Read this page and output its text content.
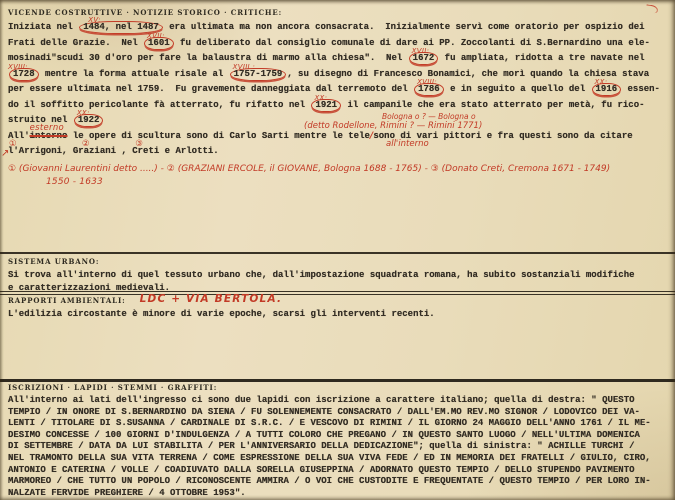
VICENDE COSTRUTTIVE · NOTIZIE STORICO · CRITICHE:
Iniziata nel 1484, nel 1487
XV:
era ultimata ma non ancora consacrata.  Inizialmente servì come oratorio per ospizio dei
Frati delle Grazie.  Nel 1601
XVII:
fu deliberato dal consiglio comunale di dare ai PP. Zoccolanti di S.Bernardino una ele-
mosinadi"scudi 30 d'oro per fare la balaustra di marmo alla chiesa".  Nel 1672
XVII:
fu ampliata, ridotta a tre navate nel
1728
XVIII:
mentre la forma attuale risale al 1757-1759
XVIII :
, su disegno di Francesco Bonamici, che morì quando la chiesa stava
per essere ultimata nel 1759.  Fu gravemente danneggiata dal terremoto del 1786
XVIII:
e in seguito a quello del 1916
XX:
essen-
do il soffitto pericolante fà atterrato, fu rifatto nel 1921
XX:
il campanile che era stato atterrato per metà, fu rico-
struito nel 1922
XX:
All'interno
esterno
le opere di scultura sono di Carlo Sarti mentre le tele∕sono di vari pittori e fra questi sono da citare
Bologna o ? — Bologna o
(detto Rodellone, Rimini ? — Rimini 1771)
all'interno
↗
l'Arrigoni,
①
Graziani
②
, Creti
③
e Arlotti.
① (Giovanni Laurentini detto .....) - ② (GRAZIANI ERCOLE, il GIOVANE, Bologna 1688 - 1765) - ③ (Donato Creti, Cremona 1671 - 1749)
1550 - 1633
SISTEMA URBANO:
Si trova all'interno di quel tessuto urbano che, dall'impostazione squadrata romana, ha subito sostanziali modifiche
e caratterizzazioni medievali.
RAPPORTI AMBIENTALI: LDC + VIA BERTOLA.
L'edilizia circostante è minore di varie epoche, scarsi gli interventi recenti.
ISCRIZIONI · LAPIDI · STEMMI · GRAFFITI:
All'interno ai lati dell'ingresso ci sono due lapidi con iscrizione a carattere italiano; quella di destra: " QUESTO
TEMPIO / IN ONORE DI S.BERNARDINO DA SIENA / FU SOLENNEMENTE CONSACRATO / DALL'EM.MO REV.MO SIGNOR / LODOVICO DEI VA-
LENTI / TITOLARE DI S.SUSANNA / CARDINALE DI S.R.C. / E VESCOVO DI RIMINI / IL GIORNO 24 MAGGIO DELL'ANNO 1761 / IL ME-
DESIMO CONCESSE / 100 GIORNI D'INDULGENZA / A TUTTI COLORO CHE PREGANO / IN QUESTO SANTO LUOGO / NELL'ULTIMA DOMENICA
DI SETTEMBRE / DATA DA LUI STABILITA / PER L'ANNIVERSARIO DELLA DEDICAZIONE"; quella di sinistra: " ACHILLE TURCHI /
NEL TRAMONTO DELLA SUA VITA TERRENA / COME ESPRESSIONE DELLA SUA VIVA FEDE / ED IN MEMORIA DEI FRATELLI / GIULIO, CIRO,
ANTONIO E CATERINA / VOLLE / COADIUVATO DALLA SORELLA GIUSEPPINA / ADORNATO QUESTO TEMPIO / DELLO STUPENDO PAVIMENTO
MARMOREO / CHE TUTTO UN POPOLO / RICONOSCENTE AMMIRA / O VOI CHE CUSTODITE E FREQUENTATE / QUESTO TEMPIO / PER LORO IN-
NALZATE FERVIDE PREGHIERE / 4 OTTOBRE 1953".
